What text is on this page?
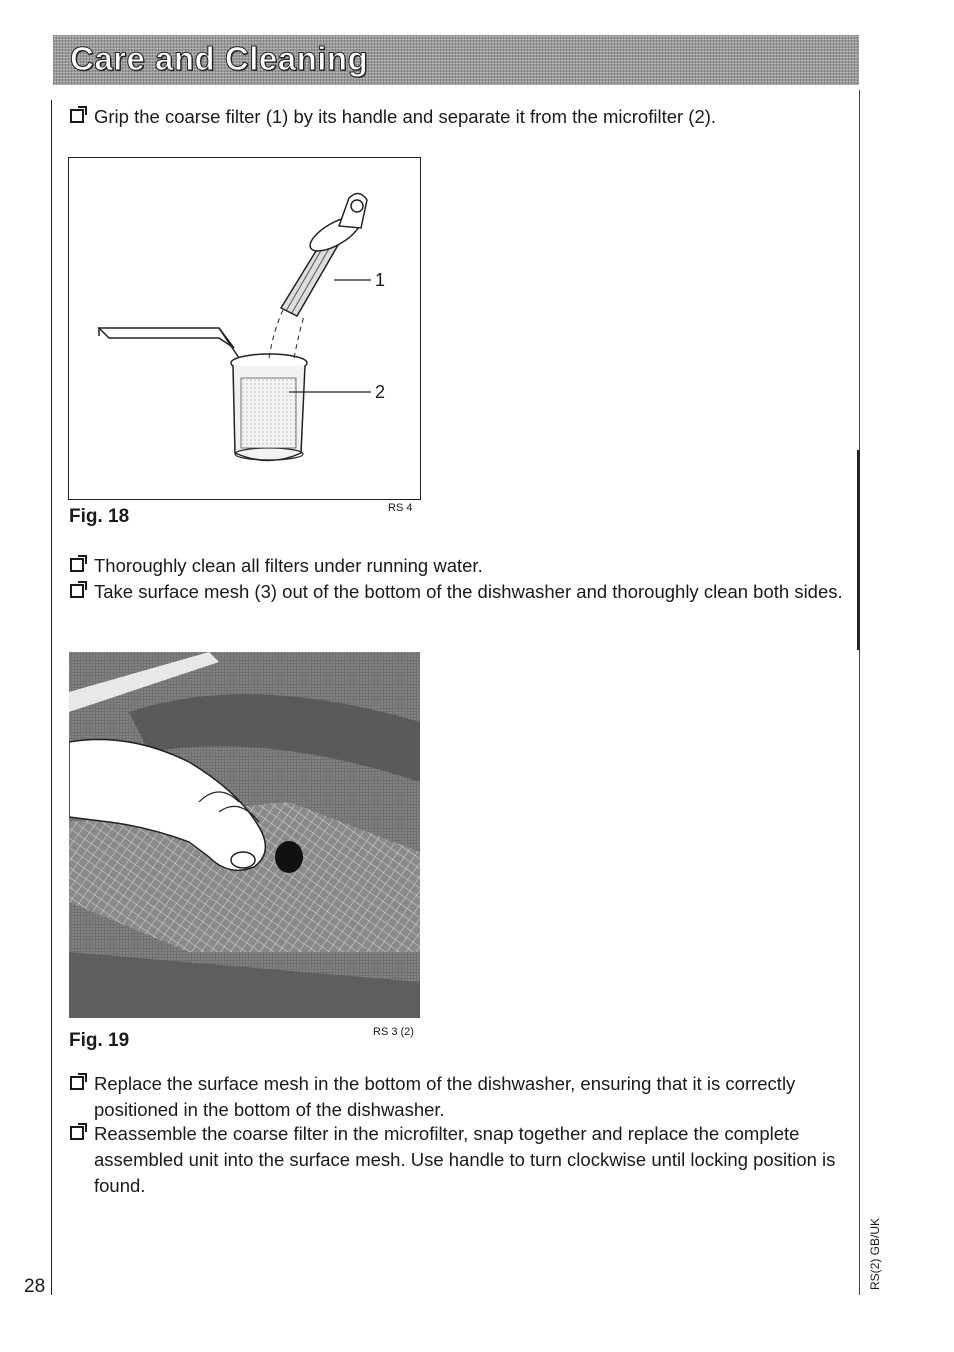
Care and Cleaning
Grip the coarse filter (1) by its handle and separate it from the microfilter (2).
1
2
Fig. 18	RS 4
Thoroughly clean all filters under running water.
Take surface mesh (3) out of the bottom of the dishwasher and thoroughly clean both sides.
Fig. 19	RS 3 (2)
Replace the surface mesh in the bottom of the dishwasher, ensuring that it is correctly positioned in the bottom of the dishwasher.
Reassemble the coarse filter in the microfilter, snap together and replace the complete assembled unit into the surface mesh. Use handle to turn clockwise until locking position is found.
28	RS(2) GB/UK
